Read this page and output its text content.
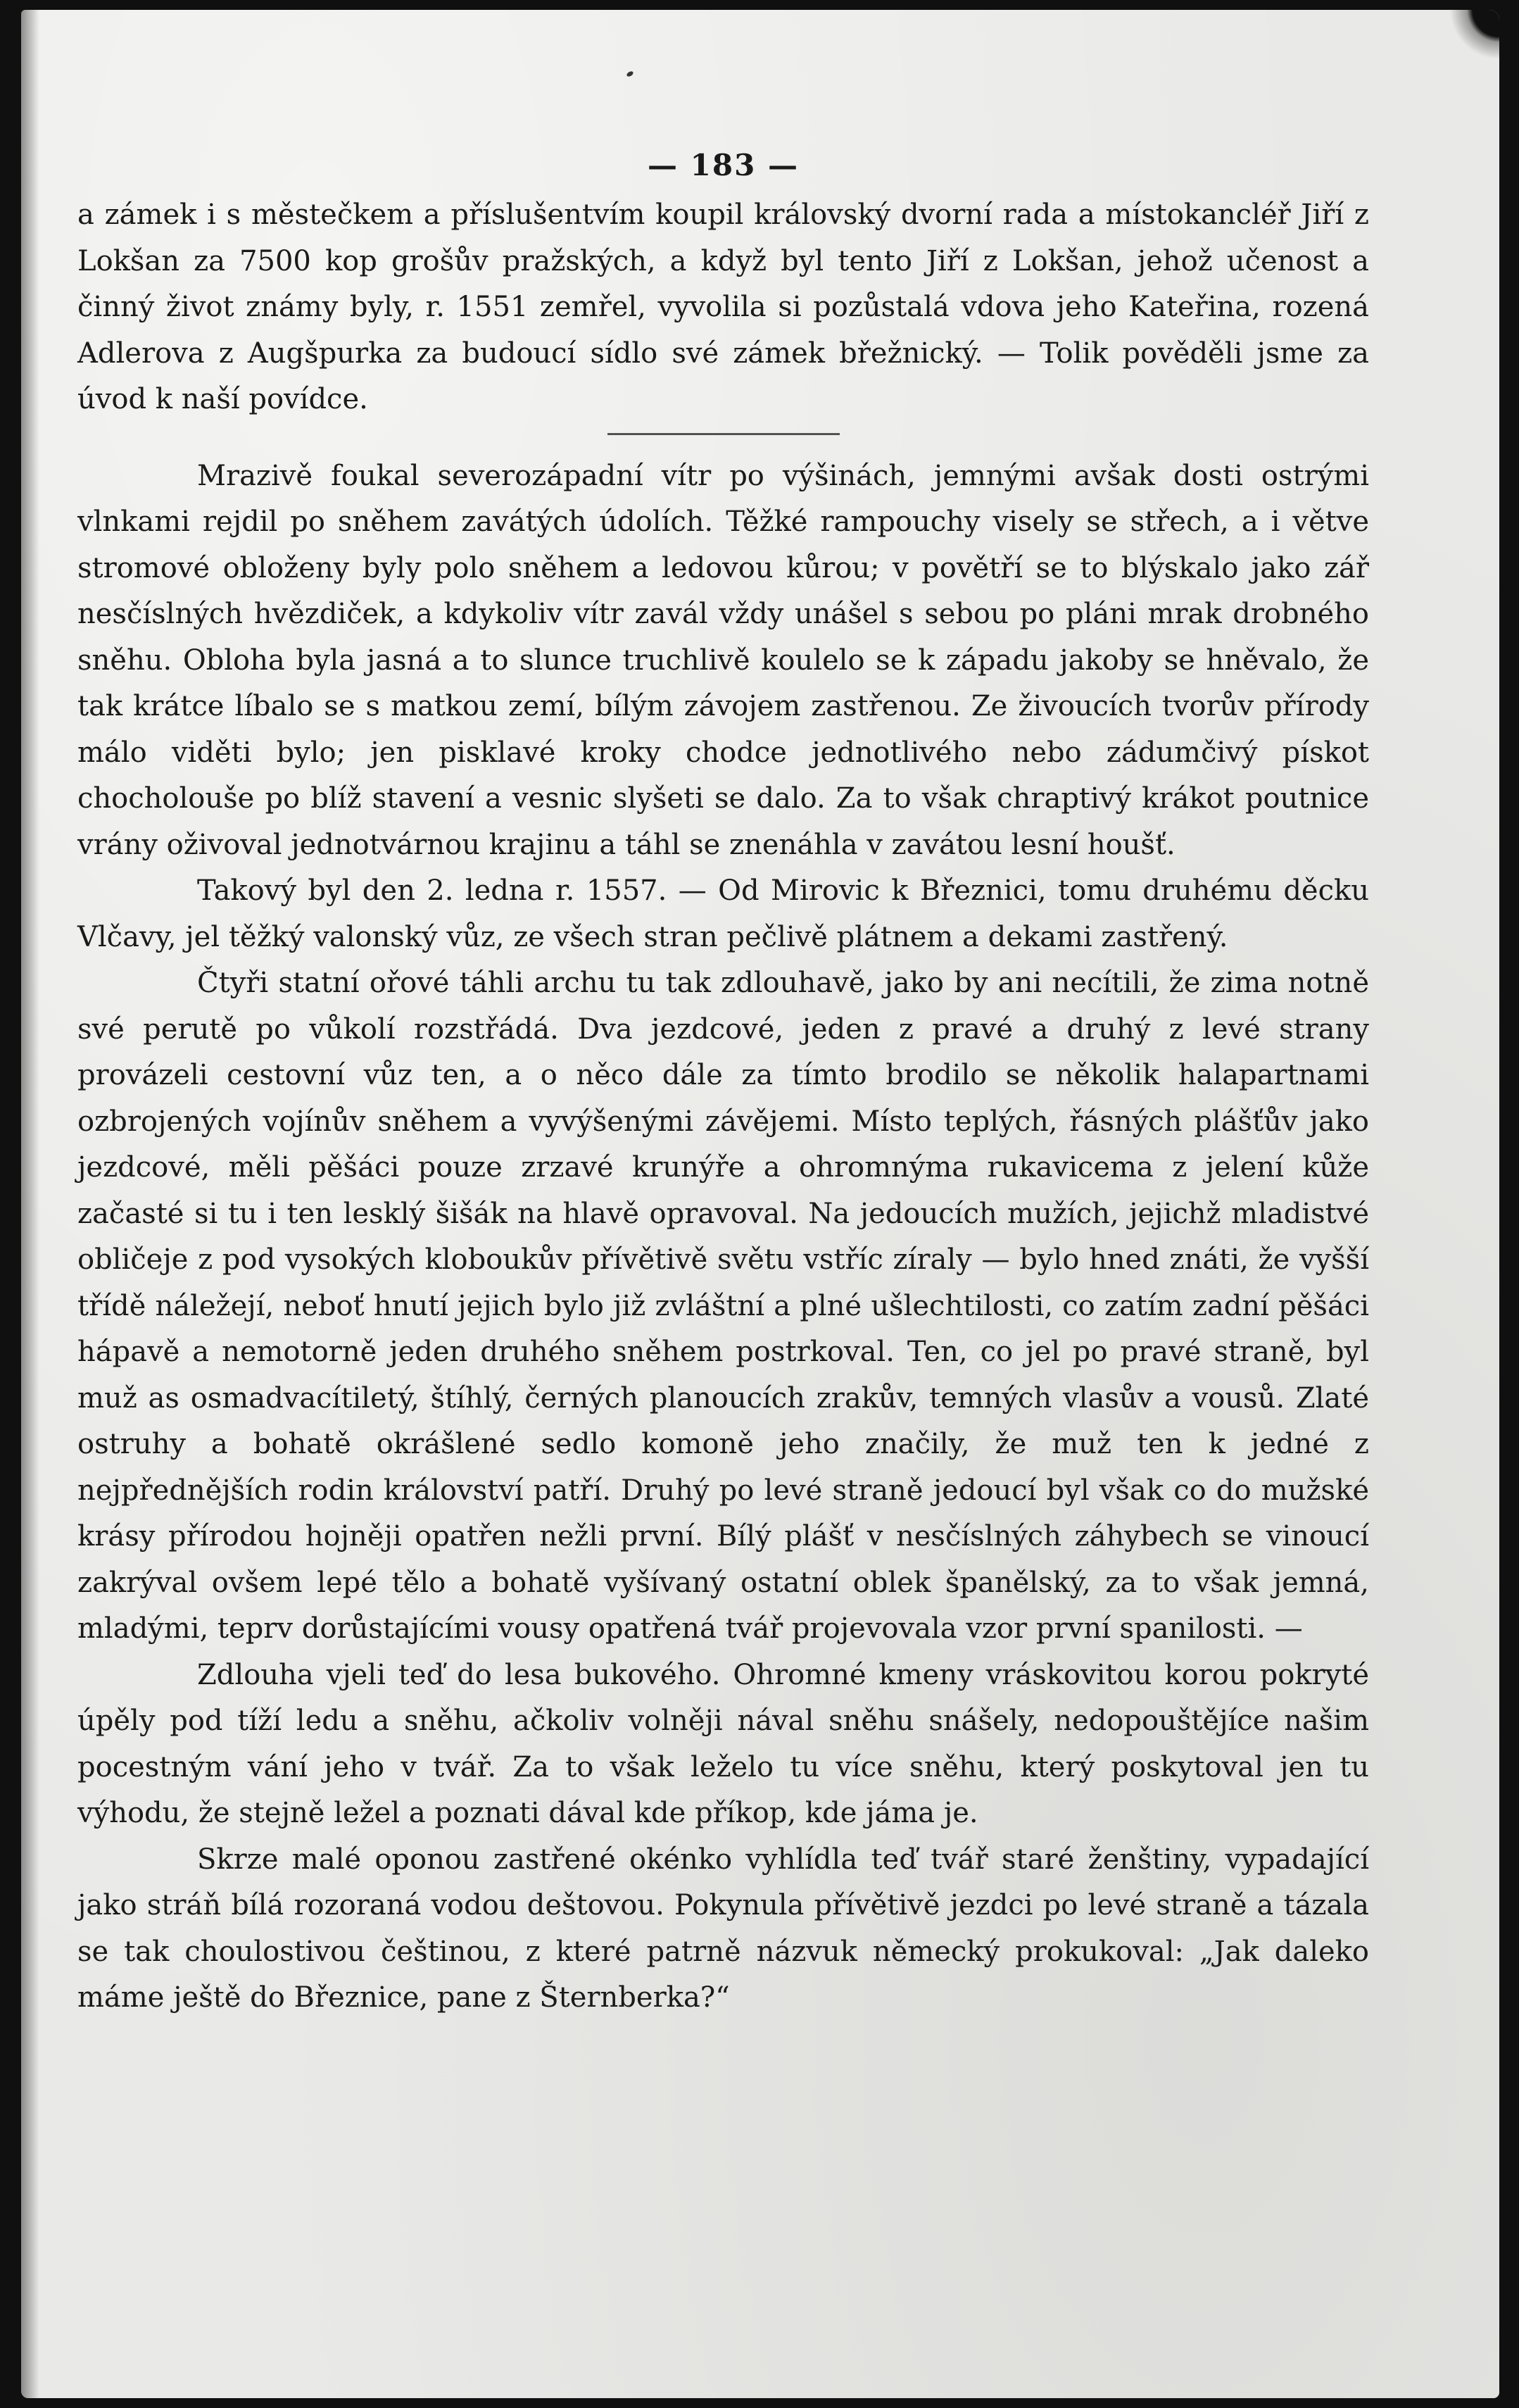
— 183 —

a zámek i s městečkem a příslušentvím koupil královský dvorní rada a místokancléř Jiří z Lokšan za 7500 kop grošův pražských, a když byl tento Jiří z Lokšan, jehož učenost a činný život známy byly, r. 1551 zemřel, vyvolila si pozůstalá vdova jeho Kateřina, rozená Adlerova z Augšpurka za budoucí sídlo své zámek břežnický. — Tolik pověděli jsme za úvod k naší povídce.

Mrazivě foukal severozápadní vítr po výšinách, jemnými avšak dosti ostrými vlnkami rejdil po sněhem zavátých údolích. Těžké rampouchy visely se střech, a i větve stromové obloženy byly polo sněhem a ledovou kůrou; v povětří se to blýskalo jako zář nesčíslných hvězdiček, a kdykoliv vítr zavál vždy unášel s sebou po pláni mrak drobného sněhu. Obloha byla jasná a to slunce truchlivě koulelo se k západu jakoby se hněvalo, že tak krátce líbalo se s matkou zemí, bílým závojem zastřenou. Ze živoucích tvorův přírody málo viděti bylo; jen pisklavé kroky chodce jednotlivého nebo zádumčivý pískot chocholouše po blíž stavení a vesnic slyšeti se dalo. Za to však chraptivý krákot poutnice vrány oživoval jednotvárnou krajinu a táhl se znenáhla v zavátou lesní houšť.

Takový byl den 2. ledna r. 1557. — Od Mirovic k Březnici, tomu druhému děcku Vlčavy, jel těžký valonský vůz, ze všech stran pečlivě plátnem a dekami zastřený.

Čtyři statní ořové táhli archu tu tak zdlouhavě, jako by ani necítili, že zima notně své perutě po vůkolí rozstřádá. Dva jezdcové, jeden z pravé a druhý z levé strany provázeli cestovní vůz ten, a o něco dále za tímto brodilo se několik halapartnami ozbrojených vojínův sněhem a vyvýšenými závějemi. Místo teplých, řásných plášťův jako jezdcové, měli pěšáci pouze zrzavé krunýře a ohromnýma rukavicema z jelení kůže začasté si tu i ten lesklý šišák na hlavě opravoval. Na jedoucích mužích, jejichž mladistvé obličeje z pod vysokých kloboukův přívětivě světu vstříc zíraly — bylo hned znáti, že vyšší třídě náležejí, neboť hnutí jejich bylo již zvláštní a plné ušlechtilosti, co zatím zadní pěšáci hápavě a nemotorně jeden druhého sněhem postrkoval. Ten, co jel po pravé straně, byl muž as osmadvacítiletý, štíhlý, černých planoucích zrakův, temných vlasův a vousů. Zlaté ostruhy a bohatě okrášlené sedlo komoně jeho značily, že muž ten k jedné z nejpřednějších rodin království patří. Druhý po levé straně jedoucí byl však co do mužské krásy přírodou hojněji opatřen nežli první. Bílý plášť v nesčíslných záhybech se vinoucí zakrýval ovšem lepé tělo a bohatě vyšívaný ostatní oblek španělský, za to však jemná, mladými, teprv dorůstajícími vousy opatřená tvář projevovala vzor první spanilosti. —

Zdlouha vjeli teď do lesa bukového. Ohromné kmeny vráskovitou korou pokryté úpěly pod tíží ledu a sněhu, ačkoliv volněji nával sněhu snášely, nedopouštějíce našim pocestným vání jeho v tvář. Za to však leželo tu více sněhu, který poskytoval jen tu výhodu, že stejně ležel a poznati dával kde příkop, kde jáma je.

Skrze malé oponou zastřené okénko vyhlídla teď tvář staré ženštiny, vypadající jako stráň bílá rozoraná vodou deštovou. Pokynula přívětivě jezdci po levé straně a tázala se tak choulostivou češtinou, z které patrně názvuk německý prokukoval: „Jak daleko máme ještě do Březnice, pane z Šternberka?“
